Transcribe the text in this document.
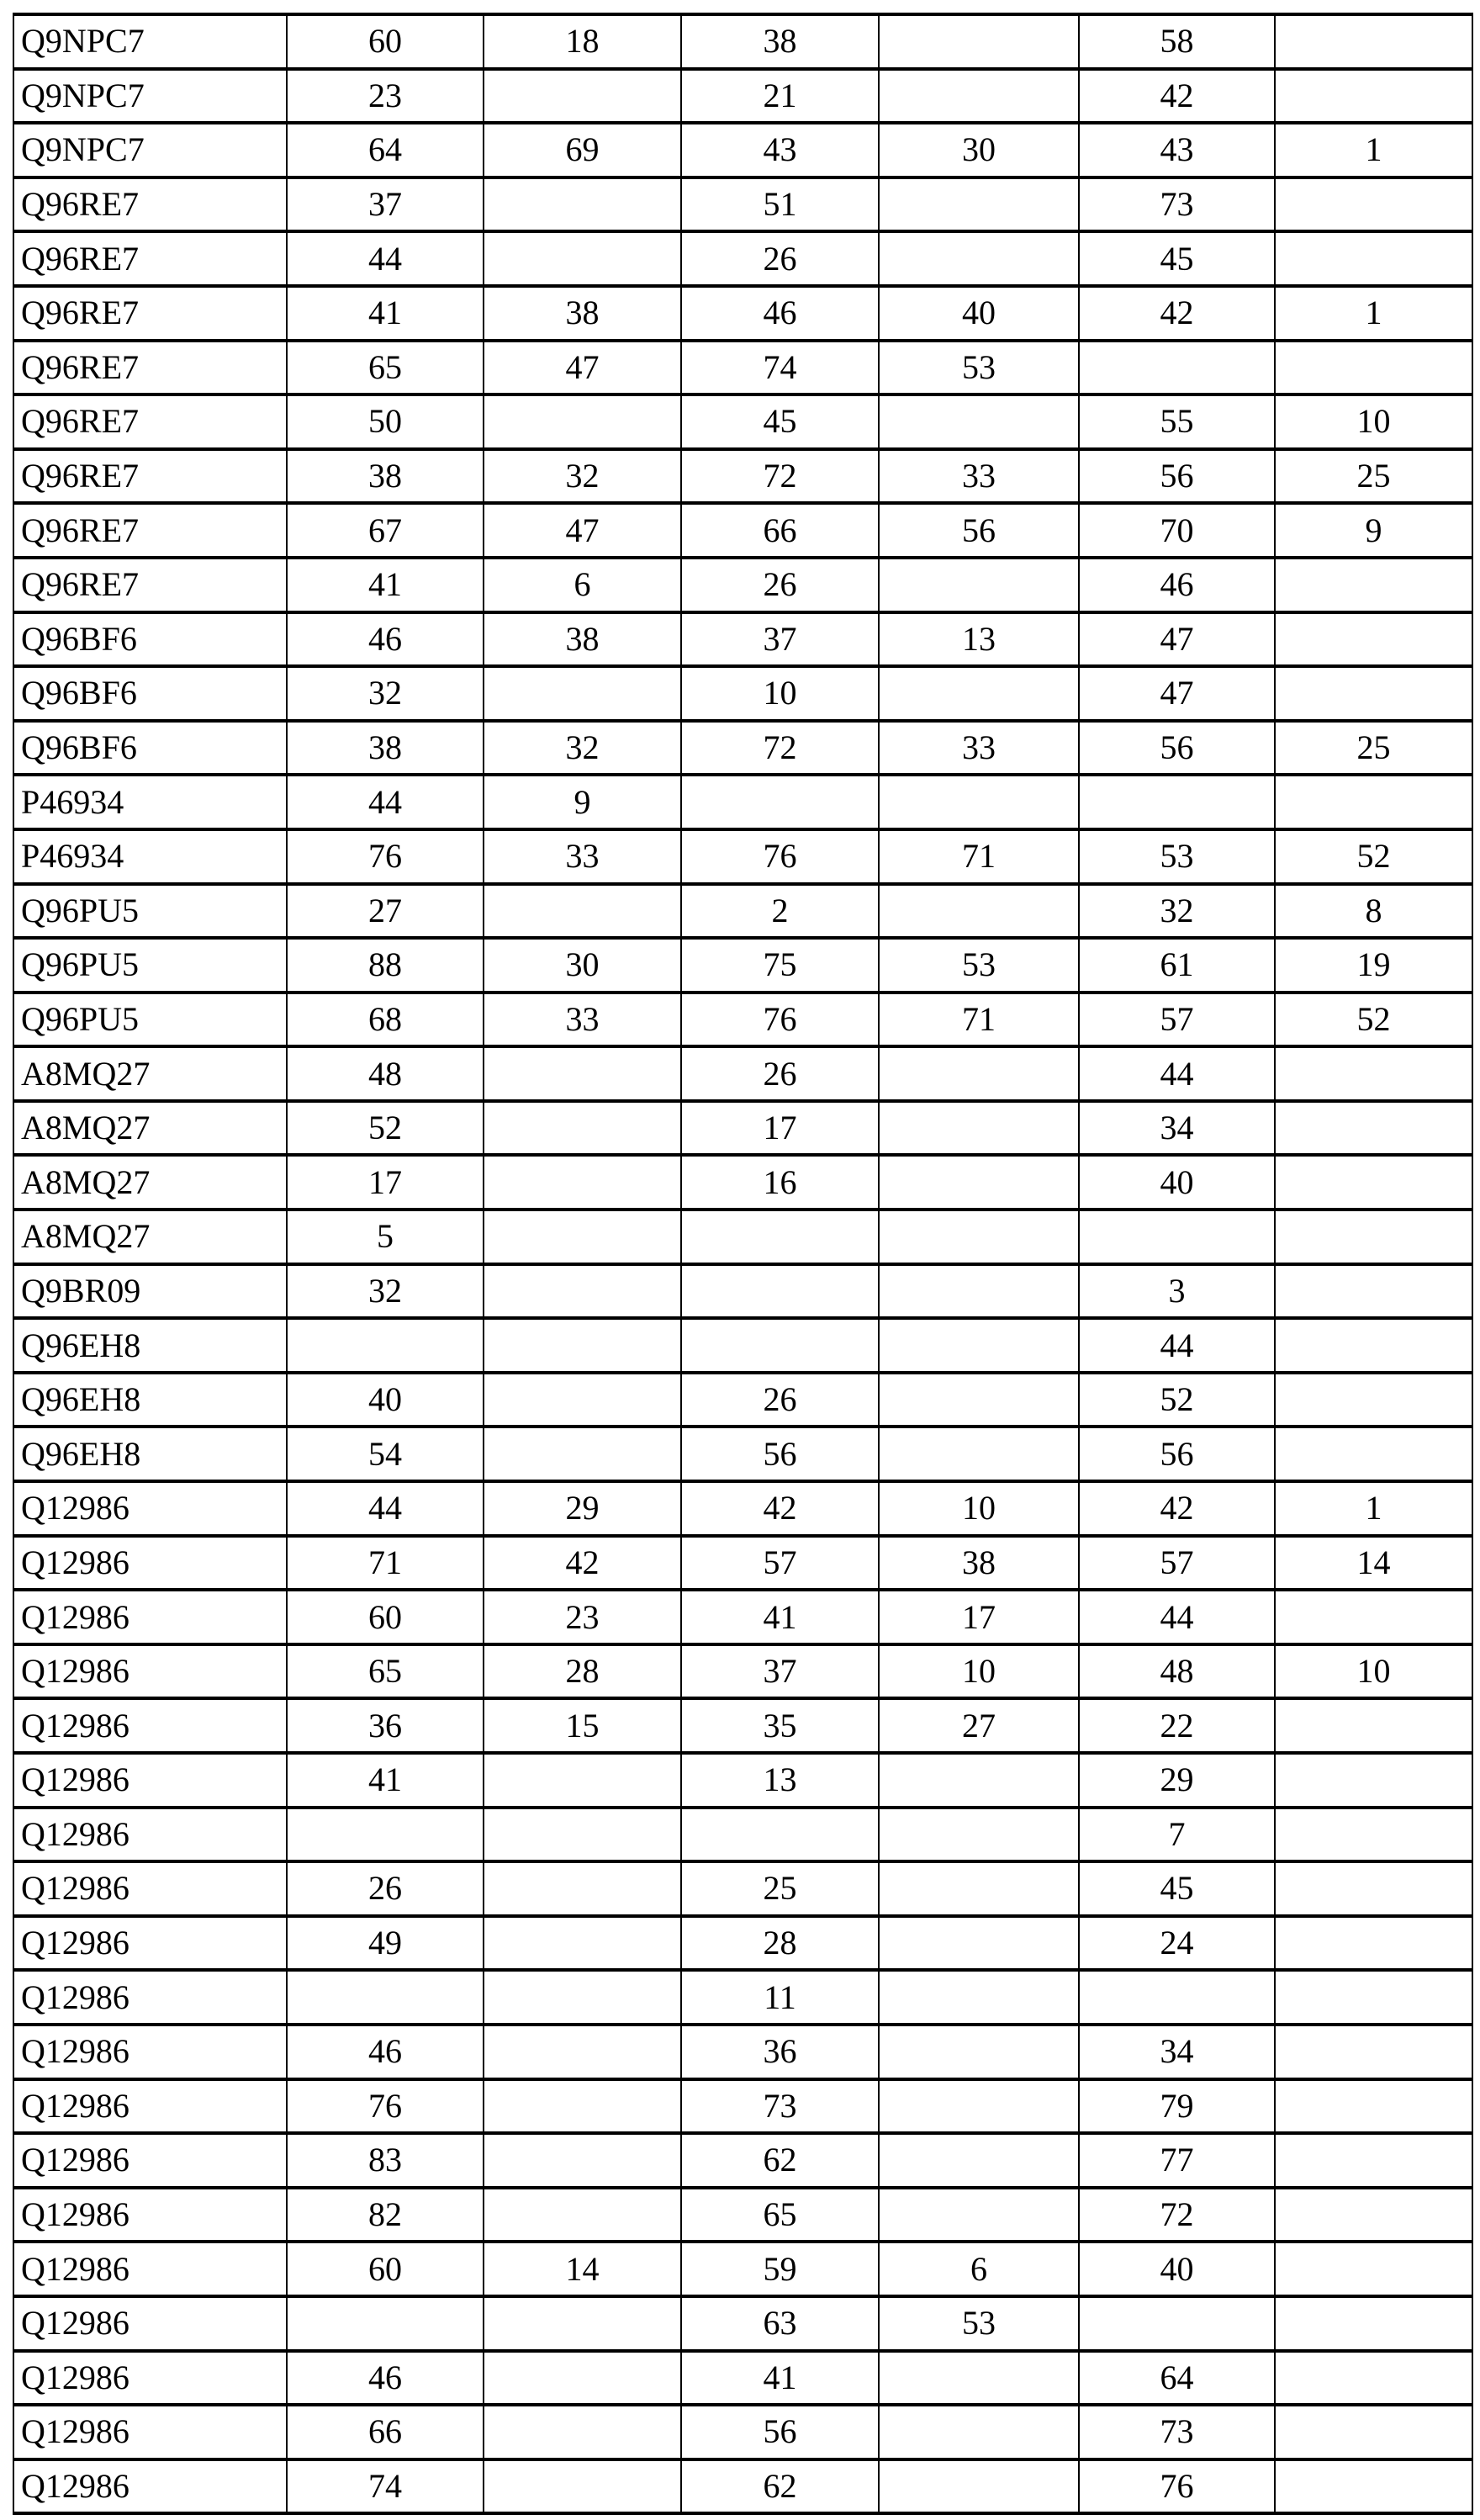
Q9NPC7	60	18	38		58	
Q9NPC7	23		21		42	
Q9NPC7	64	69	43	30	43	1
Q96RE7	37		51		73	
Q96RE7	44		26		45	
Q96RE7	41	38	46	40	42	1
Q96RE7	65	47	74	53		
Q96RE7	50		45		55	10
Q96RE7	38	32	72	33	56	25
Q96RE7	67	47	66	56	70	9
Q96RE7	41	6	26		46	
Q96BF6	46	38	37	13	47	
Q96BF6	32		10		47	
Q96BF6	38	32	72	33	56	25
P46934	44	9				
P46934	76	33	76	71	53	52
Q96PU5	27		2		32	8
Q96PU5	88	30	75	53	61	19
Q96PU5	68	33	76	71	57	52
A8MQ27	48		26		44	
A8MQ27	52		17		34	
A8MQ27	17		16		40	
A8MQ27	5					
Q9BR09	32				3	
Q96EH8					44	
Q96EH8	40		26		52	
Q96EH8	54		56		56	
Q12986	44	29	42	10	42	1
Q12986	71	42	57	38	57	14
Q12986	60	23	41	17	44	
Q12986	65	28	37	10	48	10
Q12986	36	15	35	27	22	
Q12986	41		13		29	
Q12986					7	
Q12986	26		25		45	
Q12986	49		28		24	
Q12986			11			
Q12986	46		36		34	
Q12986	76		73		79	
Q12986	83		62		77	
Q12986	82		65		72	
Q12986	60	14	59	6	40	
Q12986			63	53		
Q12986	46		41		64	
Q12986	66		56		73	
Q12986	74		62		76	
